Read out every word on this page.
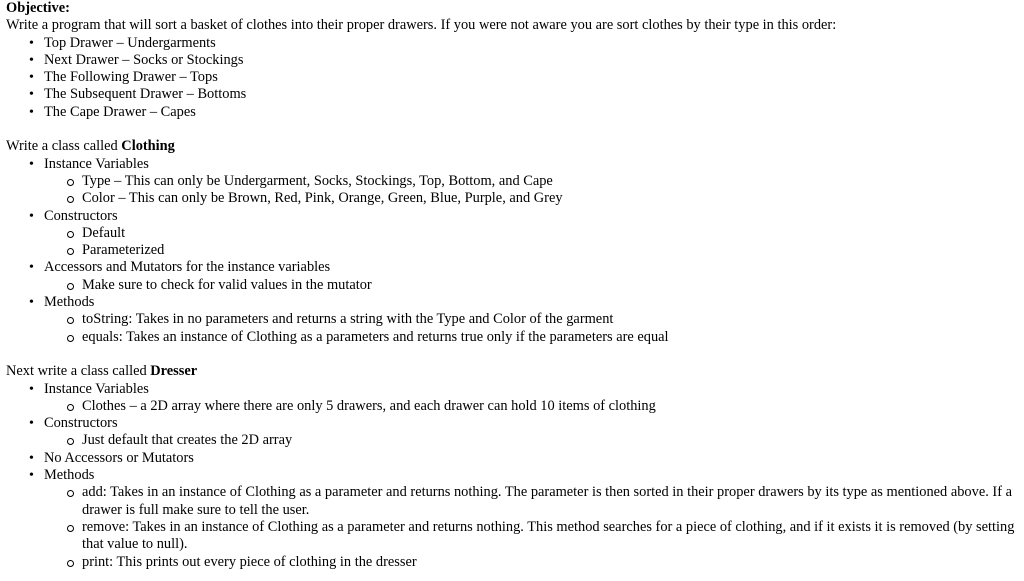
Objective:

Write a program that will sort a basket of clothes into their proper drawers. If you were not aware you are sort clothes by their type in this order:

• Top Drawer – Undergarments
• Next Drawer – Socks or Stockings
• The Following Drawer – Tops
• The Subsequent Drawer – Bottoms
• The Cape Drawer – Capes

Write a class called Clothing

• Instance Variables
Type – This can only be Undergarment, Socks, Stockings, Top, Bottom, and Cape
Color – This can only be Brown, Red, Pink, Orange, Green, Blue, Purple, and Grey
• Constructors
Default
Parameterized
• Accessors and Mutators for the instance variables
Make sure to check for valid values in the mutator
• Methods
toString: Takes in no parameters and returns a string with the Type and Color of the garment
equals: Takes an instance of Clothing as a parameters and returns true only if the parameters are equal

Next write a class called Dresser

• Instance Variables
Clothes – a 2D array where there are only 5 drawers, and each drawer can hold 10 items of clothing
• Constructors
Just default that creates the 2D array
• No Accessors or Mutators
• Methods
add: Takes in an instance of Clothing as a parameter and returns nothing. The parameter is then sorted in their proper drawers by its type as mentioned above. If a drawer is full make sure to tell the user.
remove: Takes in an instance of Clothing as a parameter and returns nothing. This method searches for a piece of clothing, and if it exists it is removed (by setting that value to null).
print: This prints out every piece of clothing in the dresser
